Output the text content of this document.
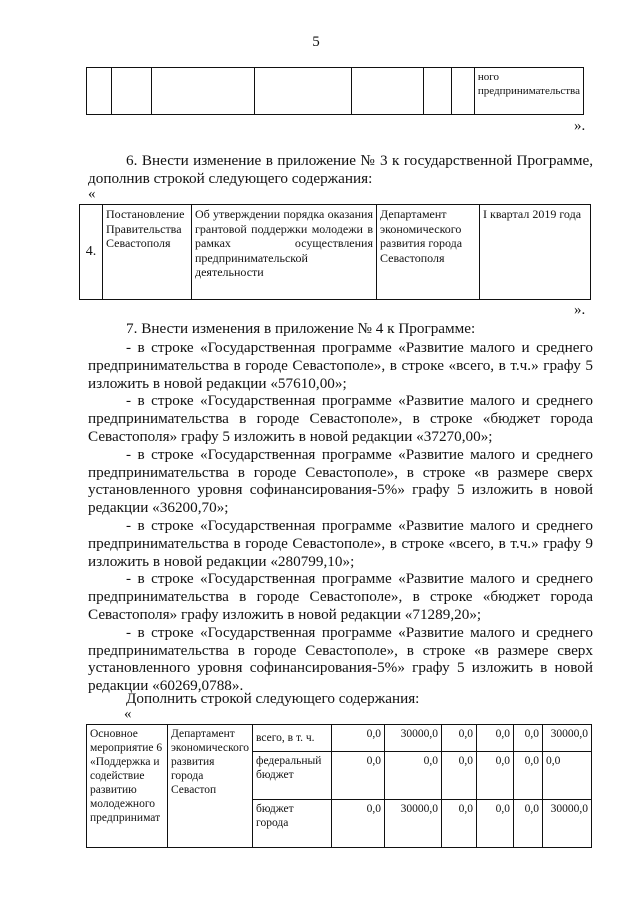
5
							ного предпринимательства
».
6. Внести изменение в приложение № 3 к государственной Программе, дополнив строкой следующего содержания:
«
4.	Постановление Правительства Севастополя	Об утверждении порядка оказания грантовой поддержки молодежи в рамках осуществления предпринимательской деятельности	Департамент экономического развития города Севастополя	I квартал 2019 года
».
7. Внести изменения в приложение № 4 к Программе:

- в строке «Государственная программе «Развитие малого и среднего предпринимательства в городе Севастополе», в строке «всего, в т.ч.» графу 5 изложить в новой редакции «57610,00»;

- в строке «Государственная программе «Развитие малого и среднего предпринимательства в городе Севастополе», в строке «бюджет города Севастополя» графу 5 изложить в новой редакции «37270,00»;

- в строке «Государственная программе «Развитие малого и среднего предпринимательства в городе Севастополе», в строке «в размере сверх установленного уровня софинансирования-5%» графу 5 изложить в новой редакции «36200,70»;

- в строке «Государственная программе «Развитие малого и среднего предпринимательства в городе Севастополе», в строке «всего, в т.ч.» графу 9 изложить в новой редакции «280799,10»;

- в строке «Государственная программе «Развитие малого и среднего предпринимательства в городе Севастополе», в строке «бюджет города Севастополя» графу изложить в новой редакции «71289,20»;

- в строке «Государственная программе «Развитие малого и среднего предпринимательства в городе Севастополе», в строке «в размере сверх установленного уровня софинансирования-5%» графу 5 изложить в новой редакции «60269,0788».

Дополнить строкой следующего содержания:
«
Основное мероприятие 6 «Поддержка и содействие развитию молодежного предпринимат	Департамент экономического развития города Севастоп	всего, в т. ч.	0,0	30000,0	0,0	0,0	0,0	30000,0
		федеральный бюджет	0,0	0,0	0,0	0,0	0,0	0,0
		бюджет города	0,0	30000,0	0,0	0,0	0,0	30000,0
